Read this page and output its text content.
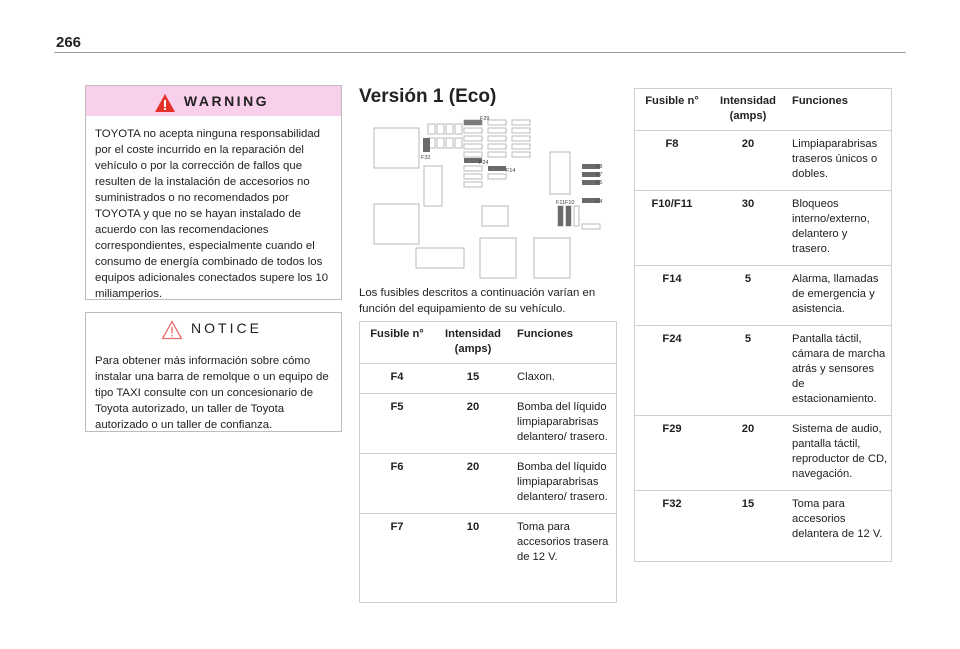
266
WARNING
TOYOTA no acepta ninguna responsabilidad por el coste incurrido en la reparación del vehículo o por la corrección de fallos que resulten de la instalación de accesorios no suministrados o no recomendados por TOYOTA y que no se hayan instalado de acuerdo con las recomendaciones correspondientes, especialmente cuando el consumo de energía combinado de todos los equipos adicionales conectados supere los 10 miliamperios.
NOTICE
Para obtener más información sobre cómo instalar una barra de remolque o un equipo de tipo TAXI consulte con un concesionario de Toyota autorizado, un taller de Toyota autorizado o un taller de confianza.
Versión 1 (Eco)
F29
F32
F24
F14
F8
F7
F5
F4
F11 F10
Los fusibles descritos a continuación varían en función del equipamiento de su vehículo.
Fusible n°	Intensidad (amps)	Funciones
F4	15	Claxon.
F5	20	Bomba del líquido limpiaparabrisas delantero/ trasero.
F6	20	Bomba del líquido limpiaparabrisas delantero/ trasero.
F7	10	Toma para accesorios trasera de 12 V.
Fusible n°	Intensidad (amps)	Funciones
F8	20	Limpiaparabrisas traseros únicos o dobles.
F10/F11	30	Bloqueos interno/externo, delantero y trasero.
F14	5	Alarma, llamadas de emergencia y asistencia.
F24	5	Pantalla táctil, cámara de marcha atrás y sensores de estacionamiento.
F29	20	Sistema de audio, pantalla táctil, reproductor de CD, navegación.
F32	15	Toma para accesorios delantera de 12 V.
